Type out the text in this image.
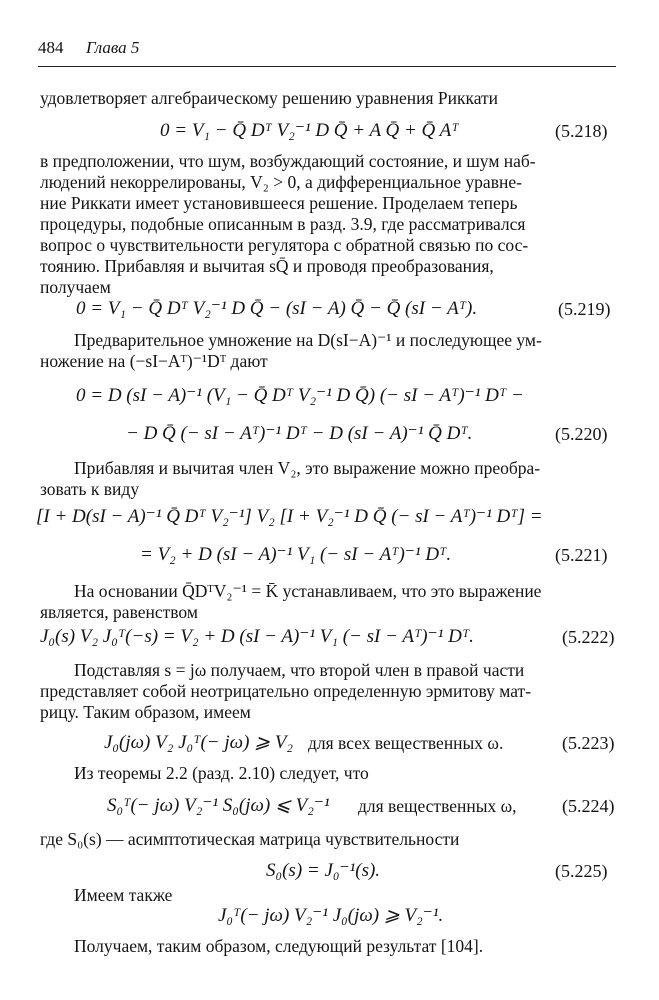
484 Глава 5
удовлетворяет алгебраическому решению уравнения Риккати
0 = V₁ − Q̄ Dᵀ V₂⁻¹ D Q̄ + A Q̄ + Q̄ Aᵀ	(5.218)
в предположении, что шум, возбуждающий состояние, и шум наб-
людений некоррелированы, V₂ > 0, а дифференциальное уравне-
ние Риккати имеет установившееся решение. Проделаем теперь
процедуры, подобные описанным в разд. 3.9, где рассматривался
вопрос о чувствительности регулятора с обратной связью по сос-
тоянию. Прибавляя и вычитая sQ̄ и проводя преобразования,
получаем
0 = V₁ − Q̄ Dᵀ V₂⁻¹ D Q̄ − (sI − A) Q̄ − Q̄ (sI − Aᵀ).	(5.219)
Предварительное умножение на D(sI−A)⁻¹ и последующее ум-
ножение на (−sI−Aᵀ)⁻¹Dᵀ дают
0 = D (sI − A)⁻¹ (V₁ − Q̄ Dᵀ V₂⁻¹ D Q̄) (− sI − Aᵀ)⁻¹ Dᵀ −
− D Q̄ (− sI − Aᵀ)⁻¹ Dᵀ − D (sI − A)⁻¹ Q̄ Dᵀ.	(5.220)
Прибавляя и вычитая член V₂, это выражение можно преобра-
зовать к виду
[I + D(sI − A)⁻¹ Q̄ Dᵀ V₂⁻¹] V₂ [I + V₂⁻¹ D Q̄ (− sI − Aᵀ)⁻¹ Dᵀ] =
= V₂ + D (sI − A)⁻¹ V₁ (− sI − Aᵀ)⁻¹ Dᵀ.	(5.221)
На основании Q̄DᵀV₂⁻¹ = K̄ устанавливаем, что это выражение
является, равенством
J₀(s) V₂ J₀ᵀ(−s) = V₂ + D (sI − A)⁻¹ V₁ (− sI − Aᵀ)⁻¹ Dᵀ.	(5.222)
Подставляя s = jω получаем, что второй член в правой части
представляет собой неотрицательно определенную эрмитову мат-
рицу. Таким образом, имеем
J₀(jω) V₂ J₀ᵀ(− jω) ⩾ V₂ для всех вещественных ω.	(5.223)
Из теоремы 2.2 (разд. 2.10) следует, что
S₀ᵀ(− jω) V₂⁻¹ S₀(jω) ⩽ V₂⁻¹ для вещественных ω,	(5.224)
где S₀(s) — асимптотическая матрица чувствительности
S₀(s) = J₀⁻¹(s).	(5.225)
Имеем также
J₀ᵀ(− jω) V₂⁻¹ J₀(jω) ⩾ V₂⁻¹.
Получаем, таким образом, следующий результат [104].
